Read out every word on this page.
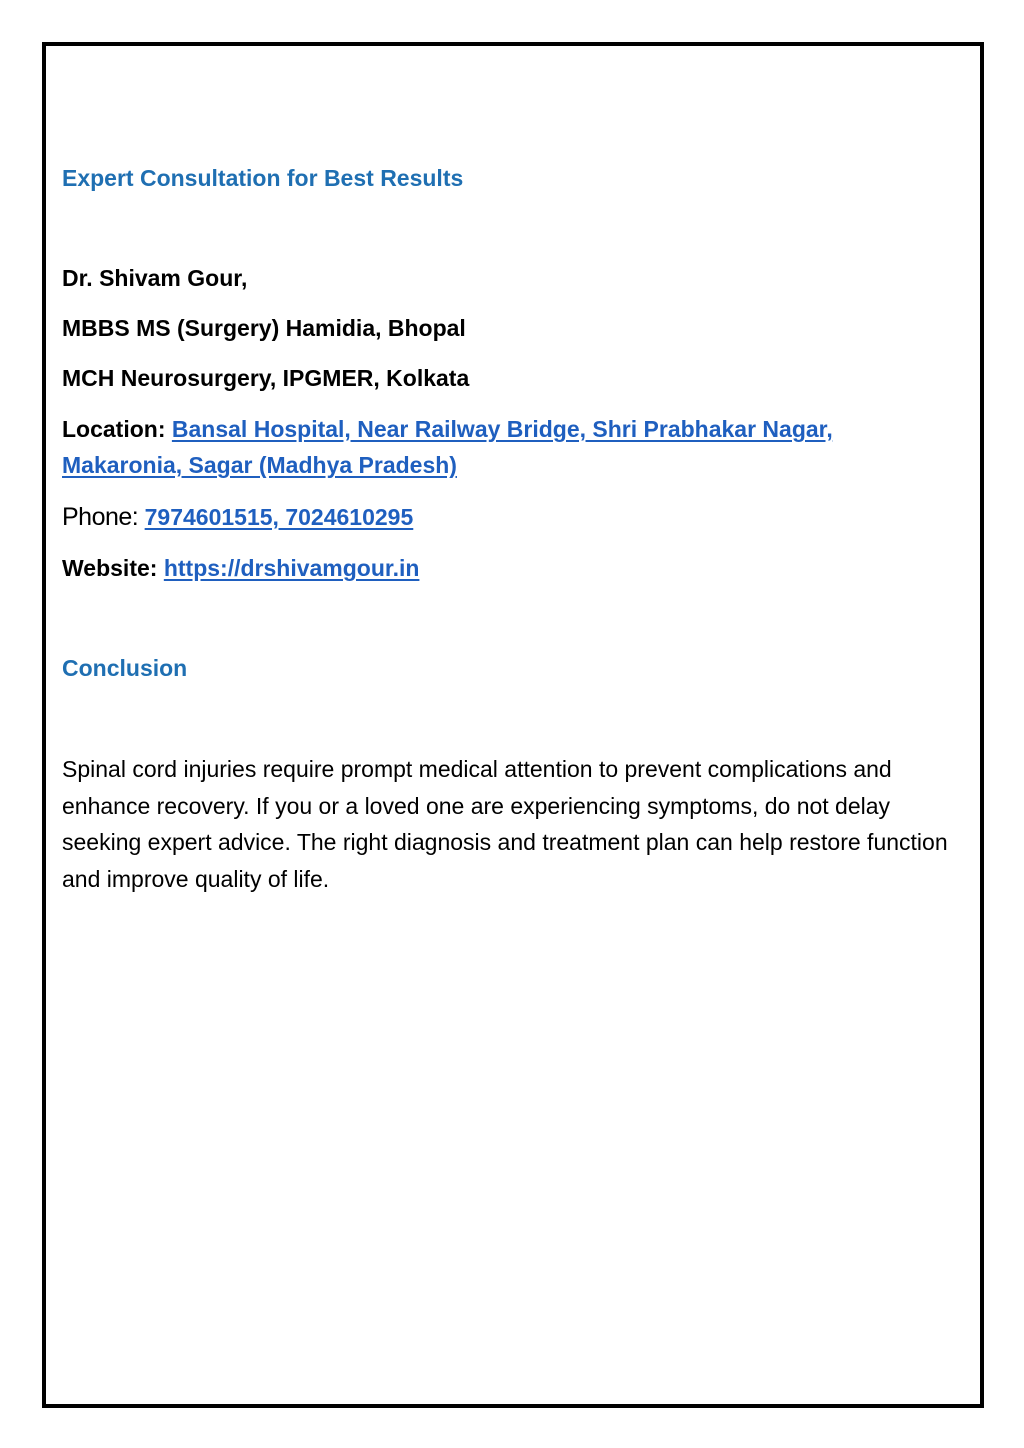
Expert Consultation for Best Results

Dr. Shivam Gour,

MBBS MS (Surgery) Hamidia, Bhopal

MCH Neurosurgery, IPGMER, Kolkata

Location: Bansal Hospital, Near Railway Bridge, Shri Prabhakar Nagar, Makaronia, Sagar (Madhya Pradesh)

Phone: 7974601515, 7024610295

Website: https://drshivamgour.in

Conclusion

Spinal cord injuries require prompt medical attention to prevent complications and enhance recovery. If you or a loved one are experiencing symptoms, do not delay seeking expert advice. The right diagnosis and treatment plan can help restore function and improve quality of life.
